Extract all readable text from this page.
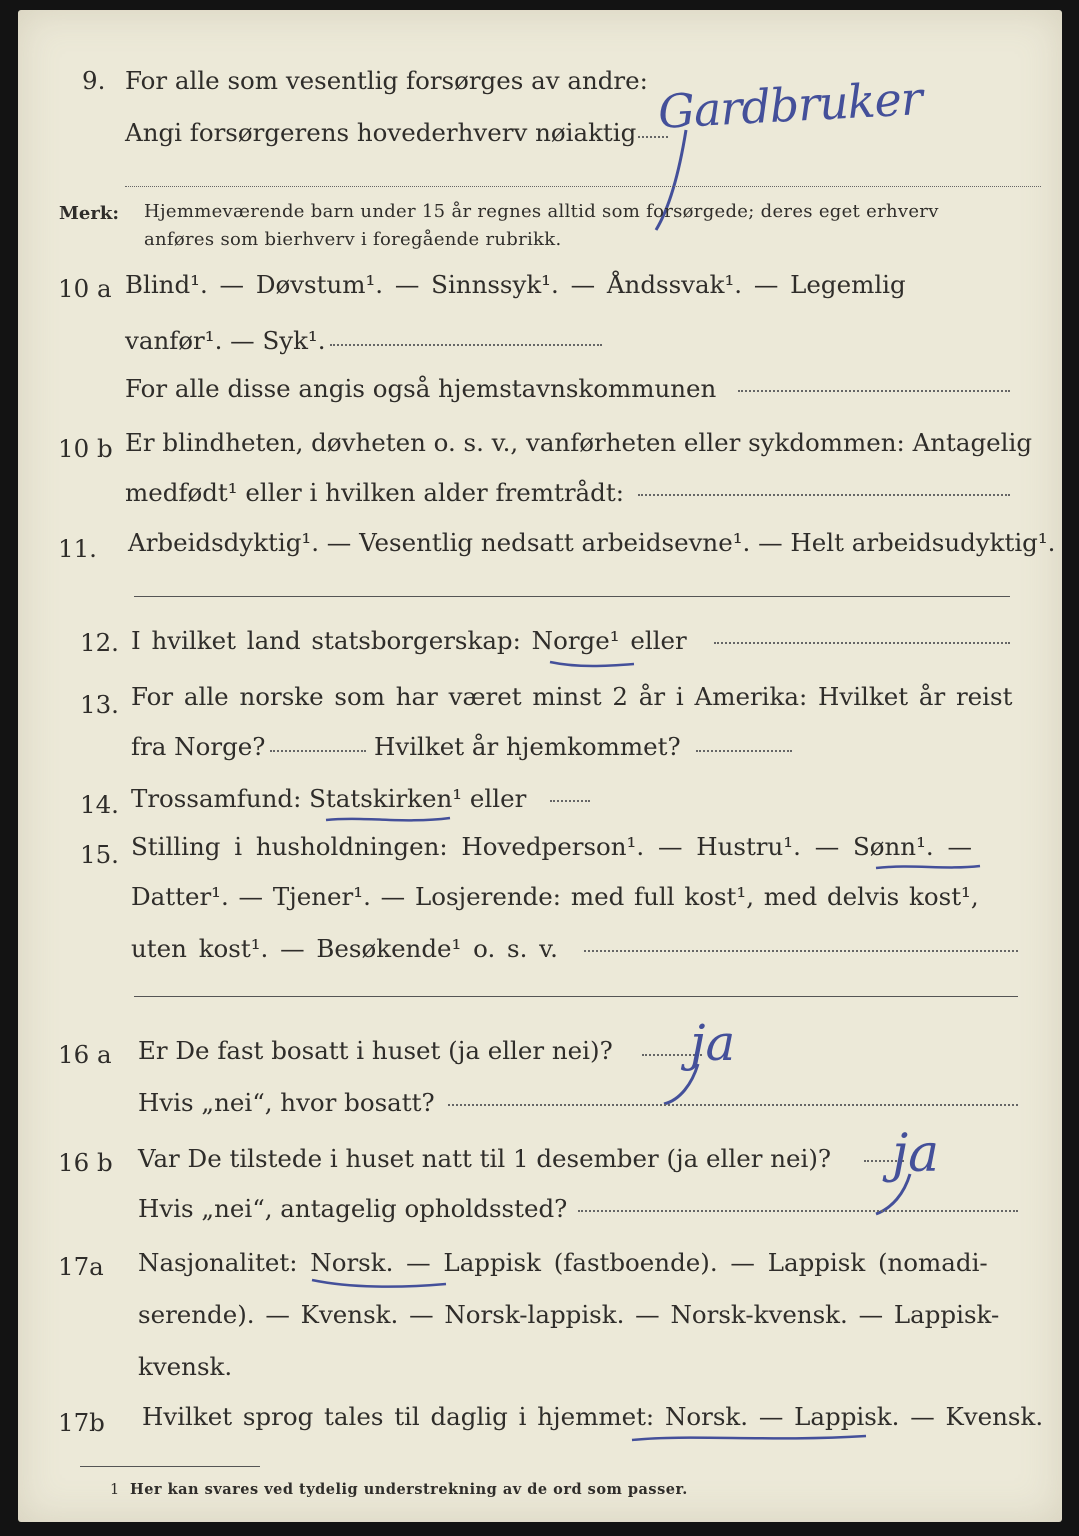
9. For alle som vesentlig forsørges av andre:
Angi forsørgerens hovederhverv nøiaktig Gardbruker
Merk: Hjemmeværende barn under 15 år regnes alltid som forsørgede; deres eget erhverv
anføres som bierhverv i foregående rubrikk.
10 a Blind¹. — Døvstum¹. — Sinnssyk¹. — Åndssvak¹. — Legemlig
vanfør¹. — Syk¹.
For alle disse angis også hjemstavnskommunen
10 b Er blindheten, døvheten o. s. v., vanførheten eller sykdommen: Antagelig
medfødt¹ eller i hvilken alder fremtrådt:
11. Arbeidsdyktig¹. — Vesentlig nedsatt arbeidsevne¹. — Helt arbeidsudyktig¹.
12. I hvilket land statsborgerskap: Norge¹ eller
13. For alle norske som har været minst 2 år i Amerika: Hvilket år reist
fra Norge?	Hvilket år hjemkommet?
14. Trossamfund: Statskirken¹ eller
15. Stilling i husholdningen: Hovedperson¹. — Hustru¹. — Sønn¹. —
Datter¹. — Tjener¹. — Losjerende: med full kost¹, med delvis kost¹,
uten kost¹. — Besøkende¹ o. s. v.
16 a Er De fast bosatt i huset (ja eller nei)? ja
Hvis „nei“, hvor bosatt?
16 b Var De tilstede i huset natt til 1 desember (ja eller nei)? ja
Hvis „nei“, antagelig opholdssted?
17a Nasjonalitet: Norsk. — Lappisk (fastboende). — Lappisk (nomadi-
serende). — Kvensk. — Norsk-lappisk. — Norsk-kvensk. — Lappisk-
kvensk.
17b Hvilket sprog tales til daglig i hjemmet: Norsk. — Lappisk. — Kvensk.
1 Her kan svares ved tydelig understrekning av de ord som passer.
